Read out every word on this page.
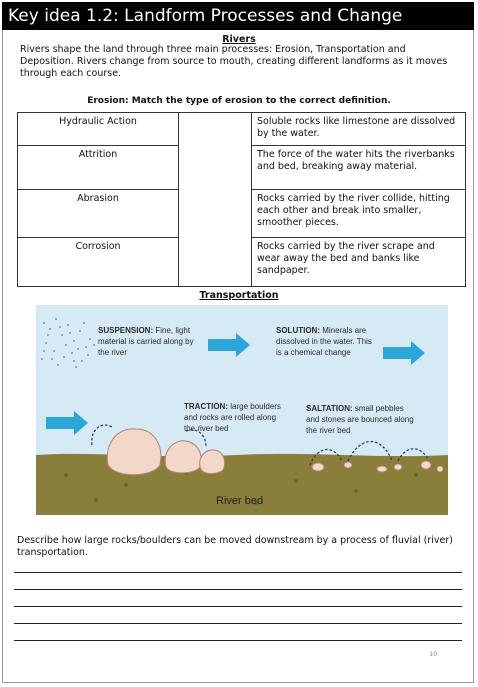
Key idea 1.2: Landform Processes and Change
Rivers
Rivers shape the land through three main processes: Erosion, Transportation and Deposition. Rivers change from source to mouth, creating different landforms as it moves through each course.
Erosion: Match the type of erosion to the correct definition.
Hydraulic Action
Attrition
Abrasion
Corrosion
Soluble rocks like limestone are dissolved by the water.
The force of the water hits the riverbanks and bed, breaking away material.
Rocks carried by the river collide, hitting each other and break into smaller, smoother pieces.
Rocks carried by the river scrape and wear away the bed and banks like sandpaper.
Transportation
SUSPENSION: Fine, light material is carried along by the river
SOLUTION: Minerals are dissolved in the water. This is a chemical change
TRACTION: large boulders and rocks are rolled along the river bed
SALTATION: small pebbles and stones are bounced along the river bed
River bed
Describe how large rocks/boulders can be moved downstream by a process of fluvial (river) transportation.
10
